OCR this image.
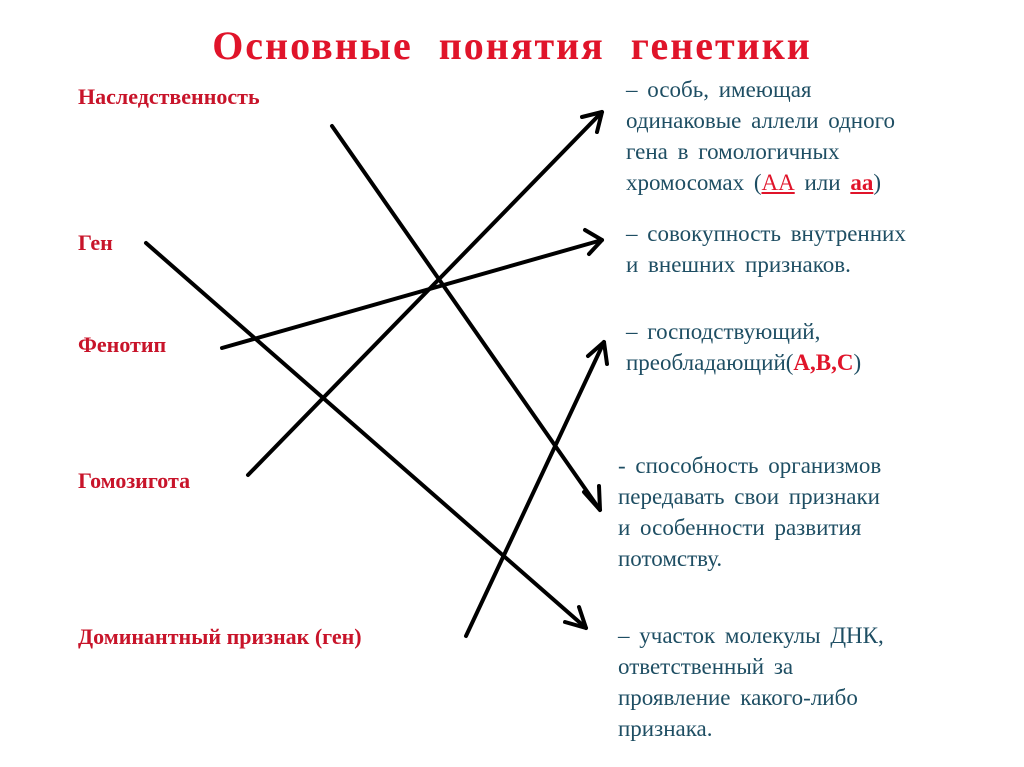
Основные понятия генетики
Наследственность
Ген
Фенотип
Гомозигота
Доминантный признак (ген)
– особь, имеющая
одинаковые аллели одного
гена в гомологичных
хромосомах (АА или аа)
– совокупность внутренних
и внешних признаков.
– господствующий,
преобладающий(А,В,С)
- способность организмов
передавать свои признаки
и особенности развития
потомству.
– участок молекулы ДНК,
ответственный за
проявление какого-либо
признака.
